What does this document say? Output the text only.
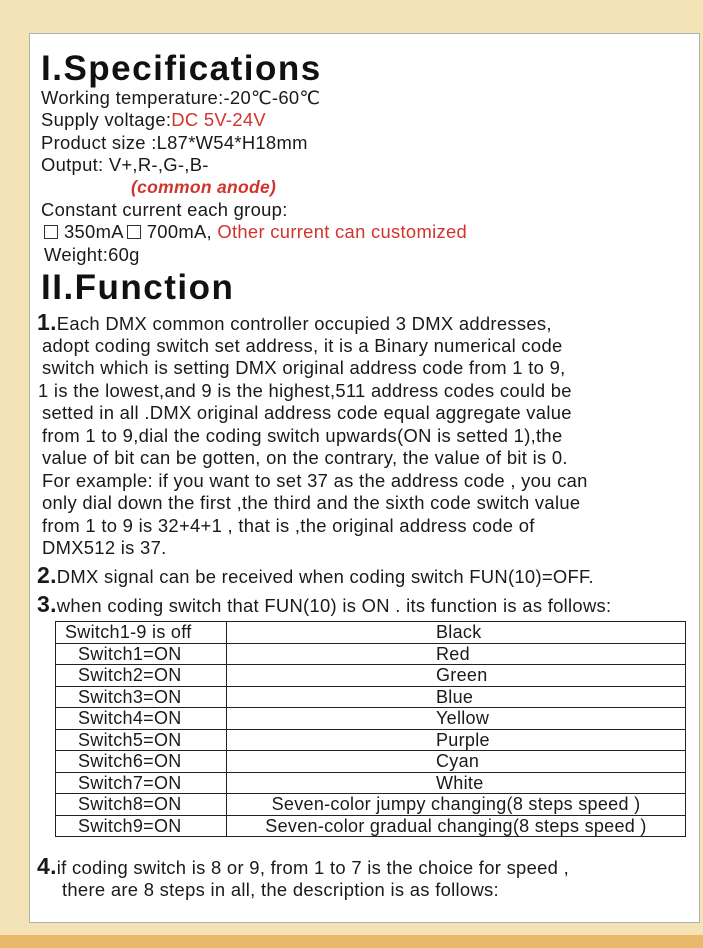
I.Specifications
Working temperature:-20℃-60℃
Supply voltage:DC 5V-24V
Product size :L87*W54*H18mm
Output: V+,R-,G-,B-
(common anode)
Constant current each group:
350mA 700mA, Other current can customized
Weight:60g
II.Function
1.Each DMX common controller occupied 3 DMX addresses,
adopt coding switch set address, it is a Binary numerical code
switch which is setting DMX original address code from 1 to 9,
1 is the lowest,and 9 is the highest,511 address codes could be
setted in all .DMX original address code equal aggregate value
from 1 to 9,dial the coding switch upwards(ON is setted 1),the
value of bit can be gotten, on the contrary, the value of bit is 0.
For example: if you want to set 37 as the address code , you can
only dial down the first ,the third and the sixth code switch value
from 1 to 9 is 32+4+1 , that is ,the original address code of
DMX512 is 37.
2.DMX signal can be received when coding switch FUN(10)=OFF.
3.when coding switch that FUN(10) is ON . its function is as follows:
Switch1-9 is off	Black
Switch1=ON	Red
Switch2=ON	Green
Switch3=ON	Blue
Switch4=ON	Yellow
Switch5=ON	Purple
Switch6=ON	Cyan
Switch7=ON	White
Switch8=ON	Seven-color jumpy changing(8 steps speed )
Switch9=ON	Seven-color gradual changing(8 steps speed )
4.if coding switch is 8 or 9, from 1 to 7 is the choice for speed ,
there are 8 steps in all, the description is as follows:
